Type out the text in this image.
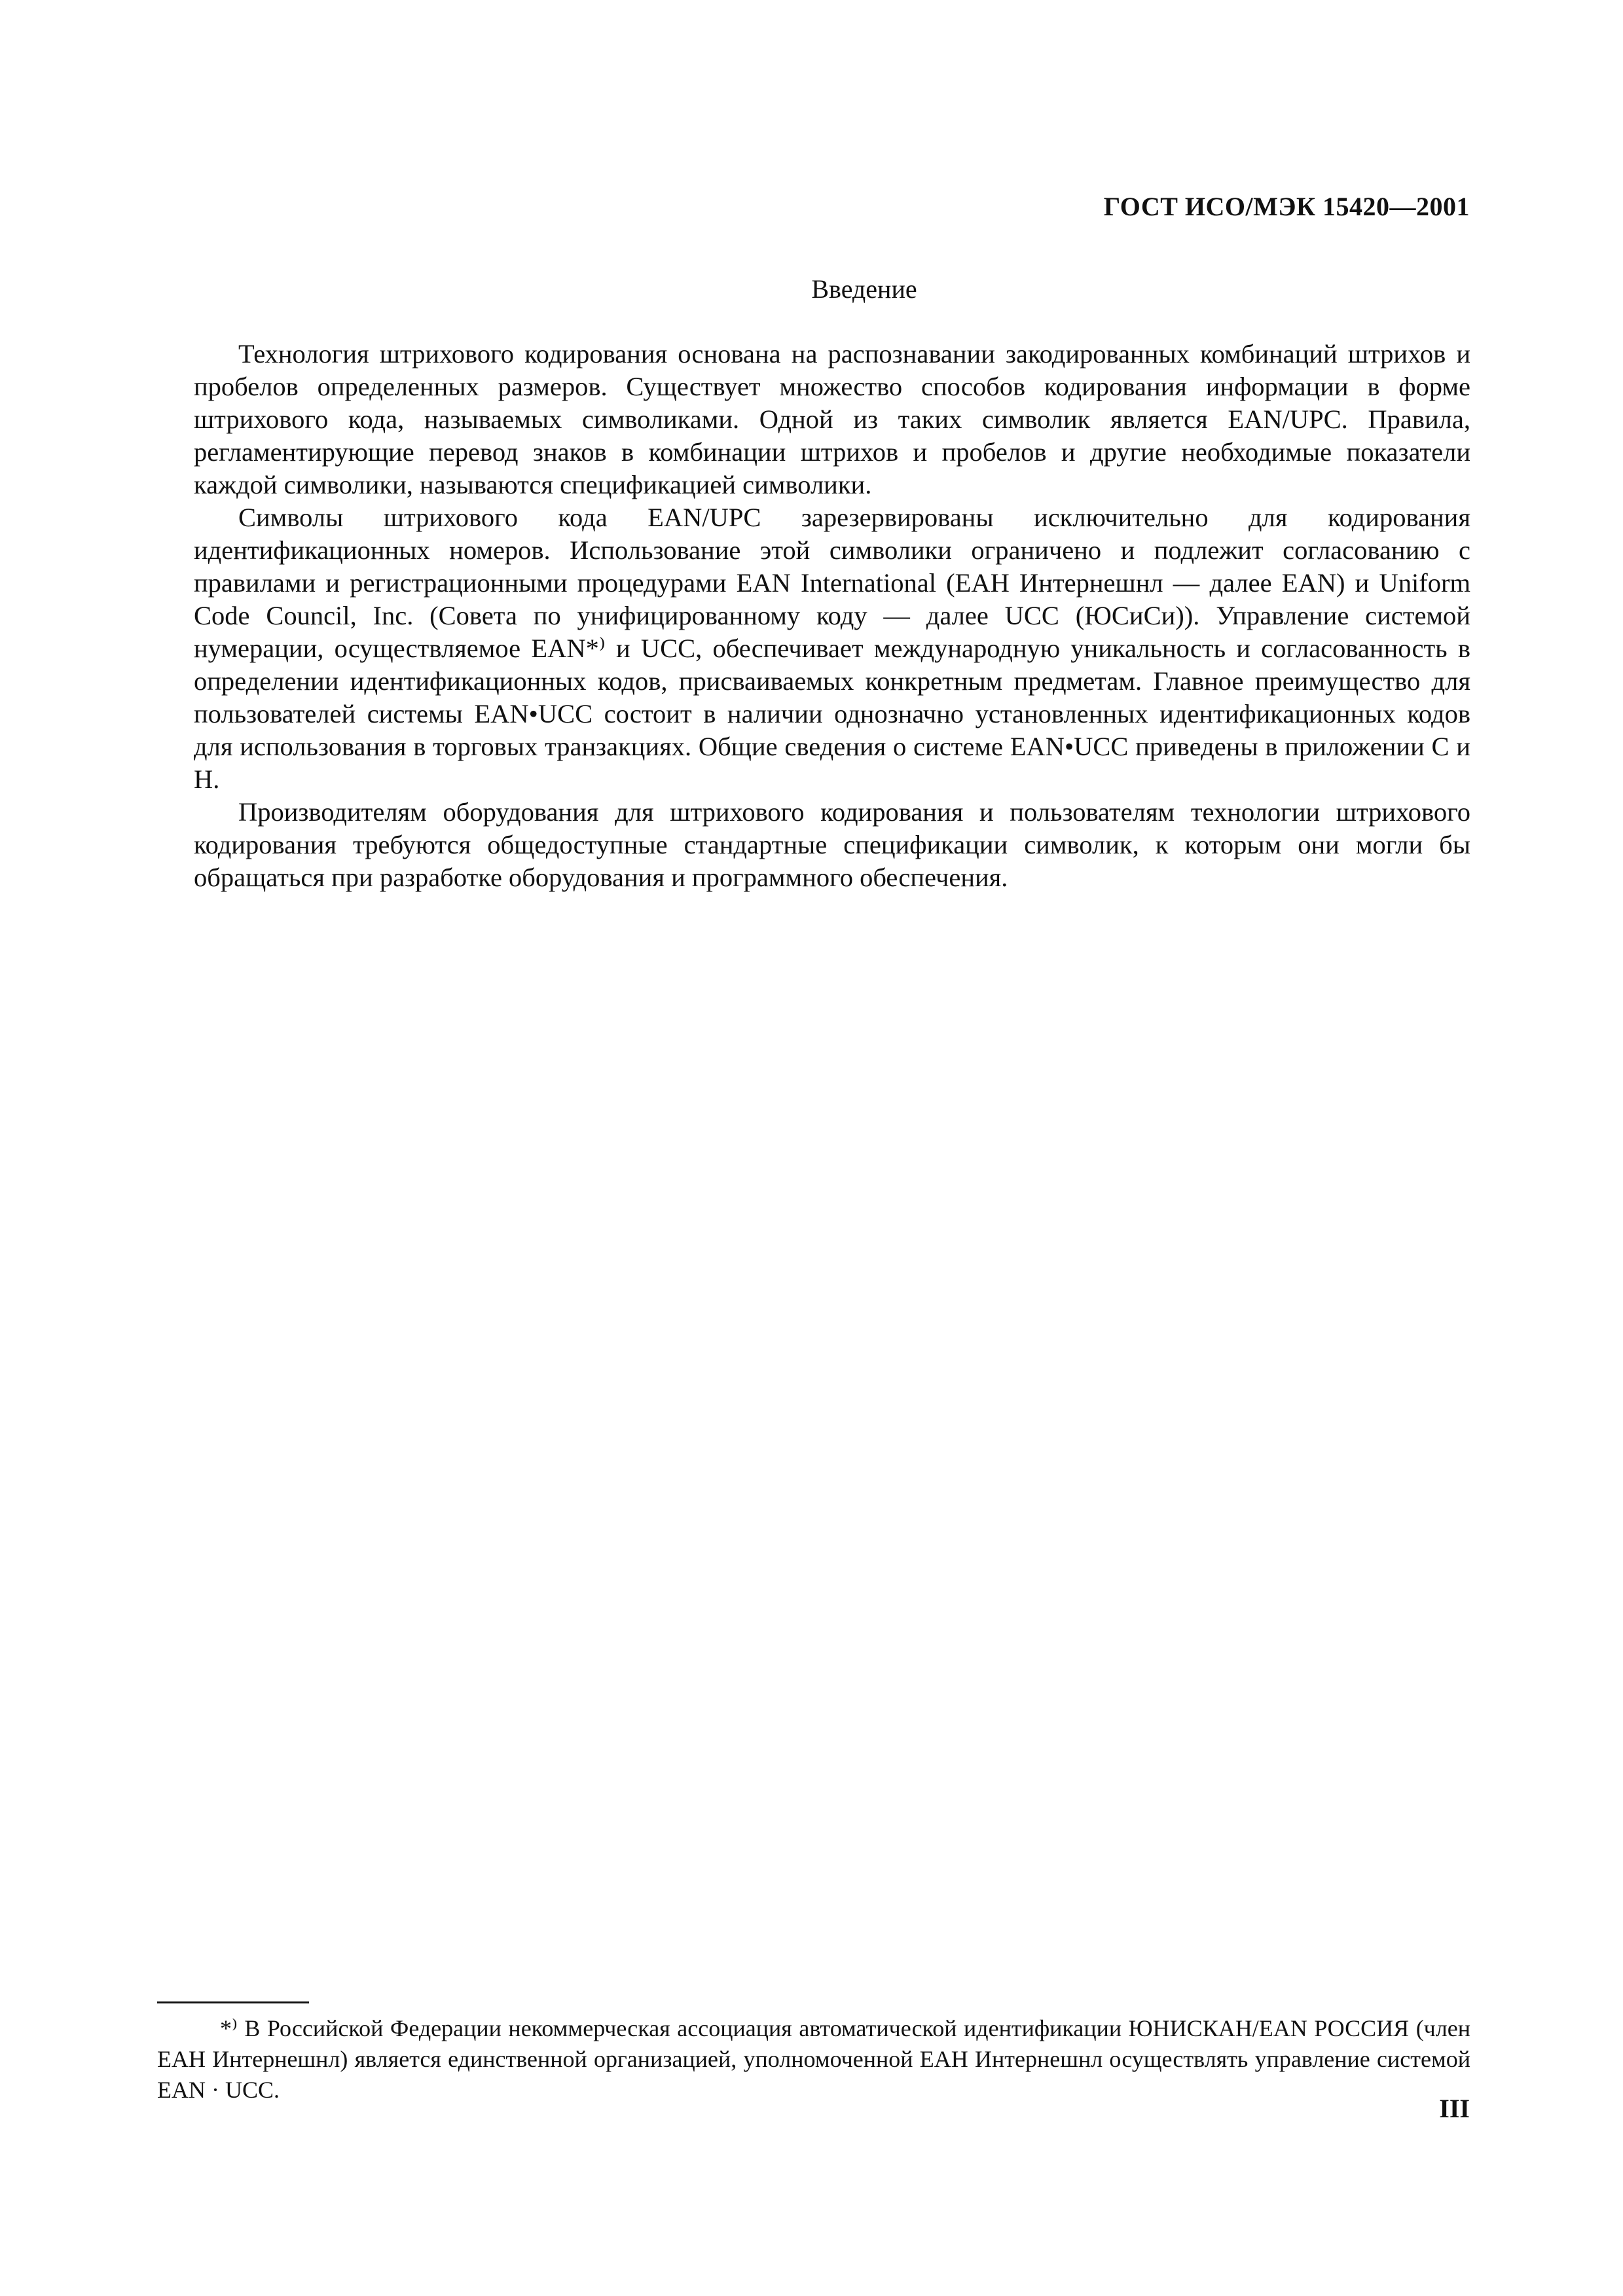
ГОСТ ИСО/МЭК 15420—2001
Введение

Технология штрихового кодирования основана на распознавании закодированных комбинаций штрихов и пробелов определенных размеров. Существует множество способов кодирования информации в форме штрихового кода, называемых символиками. Одной из таких символик является EAN/UPC. Правила, регламентирующие перевод знаков в комбинации штрихов и пробелов и другие необходимые показатели каждой символики, называются спецификацией символики.

Символы штрихового кода EAN/UPC зарезервированы исключительно для кодирования идентификационных номеров. Использование этой символики ограничено и подлежит согласованию с правилами и регистрационными процедурами EAN International (ЕАН Интернешнл — далее EAN) и Uniform Code Council, Inc. (Совета по унифицированному коду — далее UCC (ЮСиСи)). Управление системой нумерации, осуществляемое EAN*⁾ и UCC, обеспечивает международную уникальность и согласованность в определении идентификационных кодов, присваиваемых конкретным предметам. Главное преимущество для пользователей системы EAN•UCC состоит в наличии однозначно установленных идентификационных кодов для использования в торговых транзакциях. Общие сведения о системе EAN•UCC приведены в приложении С и Н.

Производителям оборудования для штрихового кодирования и пользователям технологии штрихового кодирования требуются общедоступные стандартные спецификации символик, к которым они могли бы обращаться при разработке оборудования и программного обеспечения.

*⁾ В Российской Федерации некоммерческая ассоциация автоматической идентификации ЮНИСКАН/EAN РОССИЯ (член ЕАН Интернешнл) является единственной организацией, уполномоченной ЕАН Интернешнл осуществлять управление системой EAN · UCC.
III
